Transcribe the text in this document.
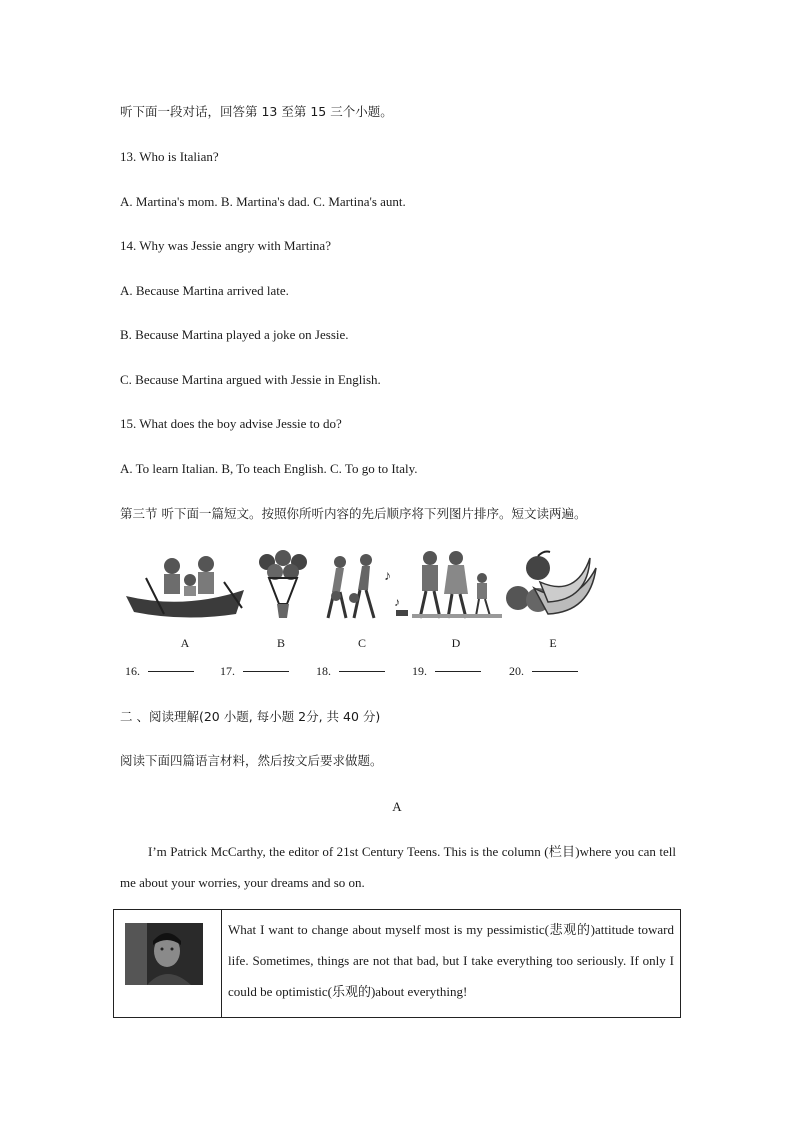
听下面一段对话，回答第 13 至第 15 三个小题。
13. Who is Italian?
A. Martina's mom. B. Martina's dad. C. Martina's aunt.
14. Why was Jessie angry with Martina?
A. Because Martina arrived late.
B. Because Martina played a joke on Jessie.
C. Because Martina argued with Jessie in English.
15. What does the boy advise Jessie to do?
A. To learn Italian. B, To teach English. C. To go to Italy.
第三节 听下面一篇短文。按照你所听内容的先后顺序将下列图片排序。短文读两遍。
♪
♪
A	B	C	D	E
16.	17.	18.	19.	20.
二 、阅读理解(20 小题, 每小题 2分, 共 40 分)
阅读下面四篇语言材料，然后按文后要求做题。
A
I’m Patrick McCarthy, the editor of 21st Century Teens. This is the column (栏目)where you can tell me about your worries, your dreams and so on.
	What I want to change about myself most is my pessimistic(悲观的)attitude toward life. Sometimes, things are not that bad, but I take everything too seriously. If only I could be optimistic(乐观的)about everything!
